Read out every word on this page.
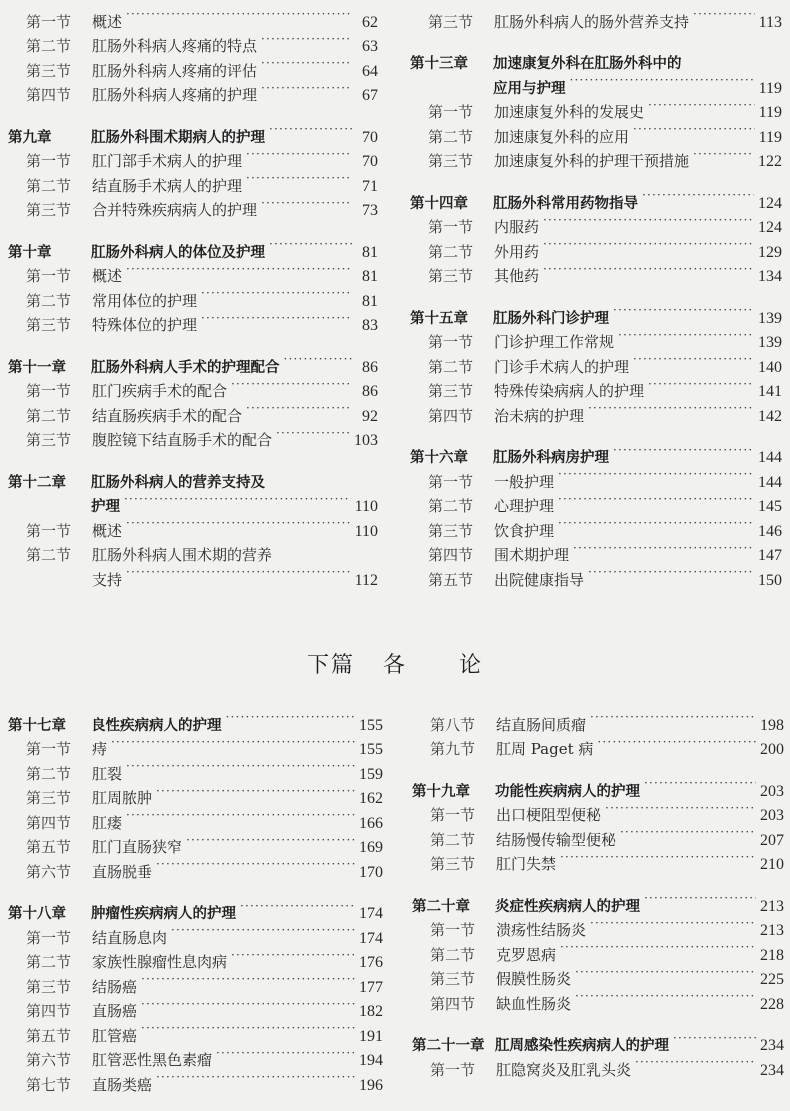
第一节	概述 ·····	62
第二节	肛肠外科病人疼痛的特点 ·····	63
第三节	肛肠外科病人疼痛的评估 ·····	64
第四节	肛肠外科病人疼痛的护理 ·····	67
第九章	肛肠外科围术期病人的护理 ·····	70
第一节	肛门部手术病人的护理 ·····	70
第二节	结直肠手术病人的护理 ·····	71
第三节	合并特殊疾病病人的护理 ·····	73
第十章	肛肠外科病人的体位及护理 ·····	81
第一节	概述 ·····	81
第二节	常用体位的护理 ·····	81
第三节	特殊体位的护理 ·····	83
第十一章	肛肠外科病人手术的护理配合 ·····	86
第一节	肛门疾病手术的配合 ·····	86
第二节	结直肠疾病手术的配合 ·····	92
第三节	腹腔镜下结直肠手术的配合 ·····	103
第十二章	肛肠外科病人的营养支持及
护理 ·····	110
第一节	概述 ·····	110
第二节	肛肠外科病人围术期的营养
支持 ·····	112
第三节	肛肠外科病人的肠外营养支持 ·····	113
第十三章	加速康复外科在肛肠外科中的
应用与护理 ·····	119
第一节	加速康复外科的发展史 ·····	119
第二节	加速康复外科的应用 ·····	119
第三节	加速康复外科的护理干预措施 ·····	122
第十四章	肛肠外科常用药物指导 ·····	124
第一节	内服药 ·····	124
第二节	外用药 ·····	129
第三节	其他药 ·····	134
第十五章	肛肠外科门诊护理 ·····	139
第一节	门诊护理工作常规 ·····	139
第二节	门诊手术病人的护理 ·····	140
第三节	特殊传染病病人的护理 ·····	141
第四节	治未病的护理 ·····	142
第十六章	肛肠外科病房护理 ·····	144
第一节	一般护理 ·····	144
第二节	心理护理 ·····	145
第三节	饮食护理 ·····	146
第四节	围术期护理 ·····	147
第五节	出院健康指导 ·····	150
下篇 各 论
第十七章	良性疾病病人的护理 ·····	155
第一节	痔 ·····	155
第二节	肛裂 ·····	159
第三节	肛周脓肿 ·····	162
第四节	肛瘘 ·····	166
第五节	肛门直肠狭窄 ·····	169
第六节	直肠脱垂 ·····	170
第十八章	肿瘤性疾病病人的护理 ·····	174
第一节	结直肠息肉 ·····	174
第二节	家族性腺瘤性息肉病 ·····	176
第三节	结肠癌 ·····	177
第四节	直肠癌 ·····	182
第五节	肛管癌 ·····	191
第六节	肛管恶性黑色素瘤 ·····	194
第七节	直肠类癌 ·····	196
第八节	结直肠间质瘤 ·····	198
第九节	肛周 Paget 病 ·····	200
第十九章	功能性疾病病人的护理 ·····	203
第一节	出口梗阻型便秘 ·····	203
第二节	结肠慢传输型便秘 ·····	207
第三节	肛门失禁 ·····	210
第二十章	炎症性疾病病人的护理 ·····	213
第一节	溃疡性结肠炎 ·····	213
第二节	克罗恩病 ·····	218
第三节	假膜性肠炎 ·····	225
第四节	缺血性肠炎 ·····	228
第二十一章 肛周感染性疾病病人的护理 ·····	234
第一节	肛隐窝炎及肛乳头炎 ·····	234
